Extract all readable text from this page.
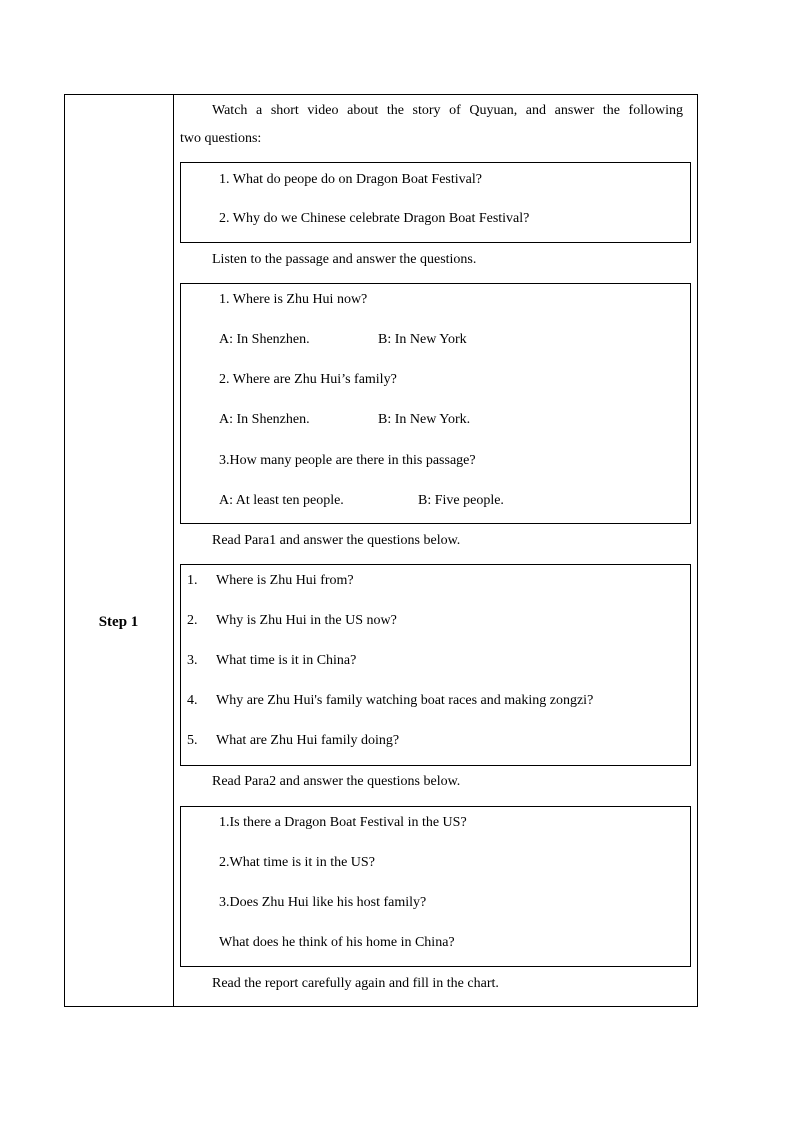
Step 1
Watch a short video about the story of Quyuan, and answer the following
two questions:
1. What do peope do on Dragon Boat Festival?
2. Why do we Chinese celebrate Dragon Boat Festival?
Listen to the passage and answer the questions.
1. Where is Zhu Hui now?
A: In Shenzhen.	B: In New York
2. Where are Zhu Hui’s family?
A: In Shenzhen.	B: In New York.
3.How many people are there in this passage?
A: At least ten people.	B: Five people.
Read Para1 and answer the questions below.
1. Where is Zhu Hui from?
2. Why is Zhu Hui in the US now?
3. What time is it in China?
4. Why are Zhu Hui's family watching boat races and making zongzi?
5. What are Zhu Hui family doing?
Read Para2 and answer the questions below.
1.Is there a Dragon Boat Festival in the US?
2.What time is it in the US?
3.Does Zhu Hui like his host family?
What does he think of his home in China?
Read the report carefully again and fill in the chart.
